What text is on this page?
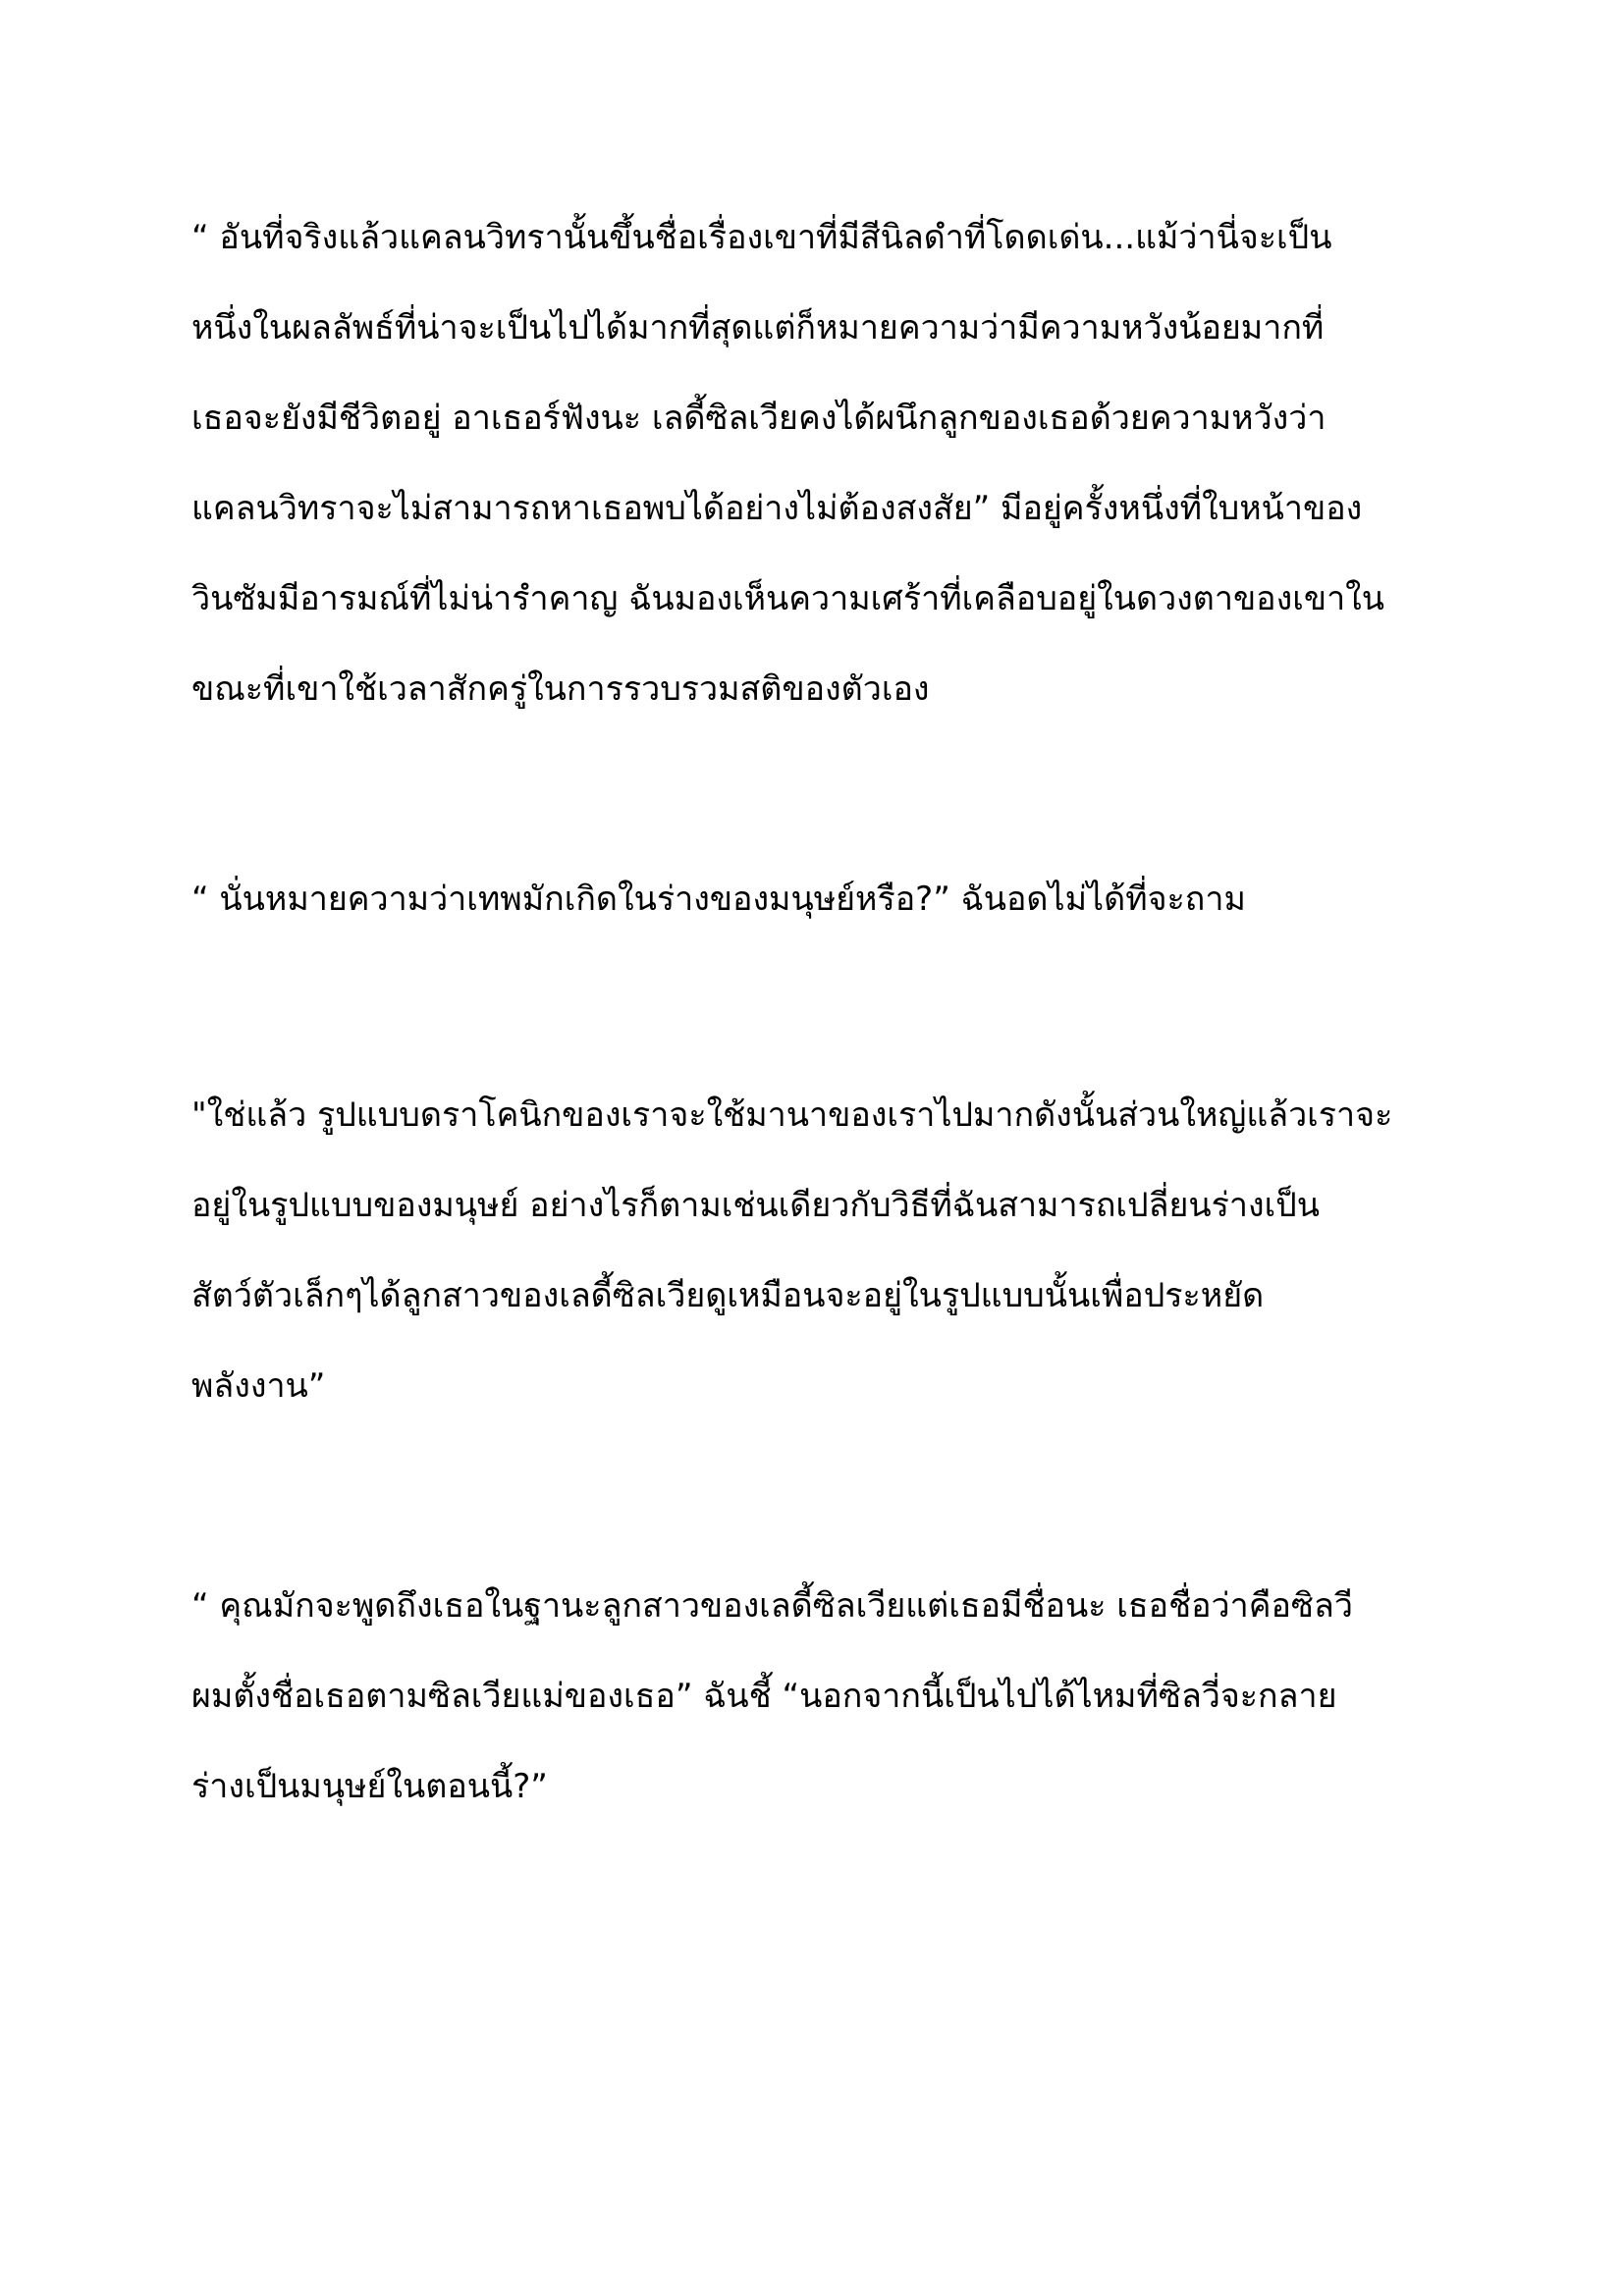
“ อันที่จริงแล้วแคลนวิทรานั้นขึ้นชื่อเรื่องเขาที่มีสีนิลดำที่โดดเด่น...แม้ว่านี่จะเป็น
หนึ่งในผลลัพธ์ที่น่าจะเป็นไปได้มากที่สุดแต่ก็หมายความว่ามีความหวังน้อยมากที่
เธอจะยังมีชีวิตอยู่ อาเธอร์ฟังนะ เลดี้ซิลเวียคงได้ผนึกลูกของเธอด้วยความหวังว่า
แคลนวิทราจะไม่สามารถหาเธอพบได้อย่างไม่ต้องสงสัย” มีอยู่ครั้งหนึ่งที่ใบหน้าของ
วินซัมมีอารมณ์ที่ไม่น่ารำคาญ ฉันมองเห็นความเศร้าที่เคลือบอยู่ในดวงตาของเขาใน
ขณะที่เขาใช้เวลาสักครู่ในการรวบรวมสติของตัวเอง
“ นั่นหมายความว่าเทพมักเกิดในร่างของมนุษย์หรือ?” ฉันอดไม่ได้ที่จะถาม
"ใช่แล้ว รูปแบบดราโคนิกของเราจะใช้มานาของเราไปมากดังนั้นส่วนใหญ่แล้วเราจะ
อยู่ในรูปแบบของมนุษย์ อย่างไรก็ตามเช่นเดียวกับวิธีที่ฉันสามารถเปลี่ยนร่างเป็น
สัตว์ตัวเล็กๆได้ลูกสาวของเลดี้ซิลเวียดูเหมือนจะอยู่ในรูปแบบนั้นเพื่อประหยัด
พลังงาน”
“ คุณมักจะพูดถึงเธอในฐานะลูกสาวของเลดี้ซิลเวียแต่เธอมีชื่อนะ เธอชื่อว่าคือซิลวี
ผมตั้งชื่อเธอตามซิลเวียแม่ของเธอ” ฉันชี้ “นอกจากนี้เป็นไปได้ไหมที่ซิลวี่จะกลาย
ร่างเป็นมนุษย์ในตอนนี้?”
